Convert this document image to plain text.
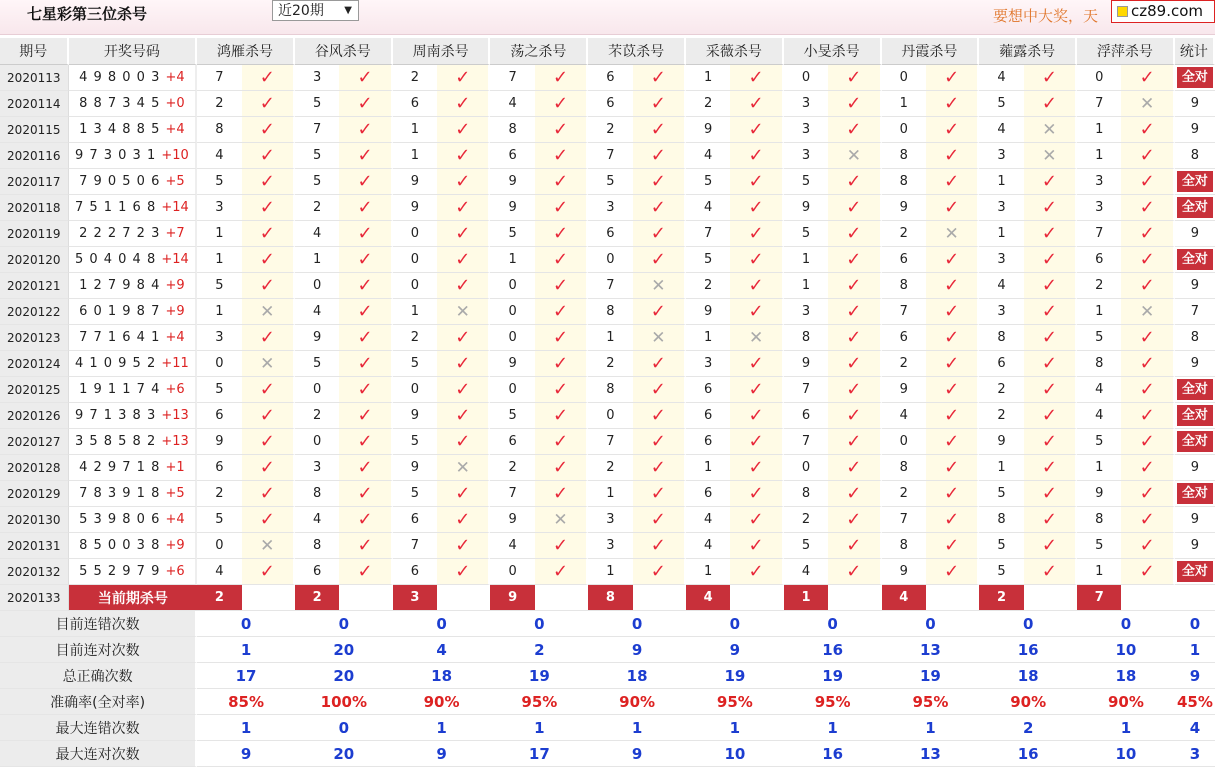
七星彩第三位杀号	近20期 ▼	要想中大奖，天	cz89.com
期号	开奖号码	鸿雁杀号		谷风杀号		周南杀号		荡之杀号		芣苡杀号		采薇杀号		小旻杀号		丹霞杀号		蕹露杀号		浮萍杀号		统计
2020113	4 9 8 0 0 3 +4	7	✓	3	✓	2	✓	7	✓	6	✓	1	✓	0	✓	0	✓	4	✓	0	✓	全对
2020114	8 8 7 3 4 5 +0	2	✓	5	✓	6	✓	4	✓	6	✓	2	✓	3	✓	1	✓	5	✓	7	✕	9
2020115	1 3 4 8 8 5 +4	8	✓	7	✓	1	✓	8	✓	2	✓	9	✓	3	✓	0	✓	4	✕	1	✓	9
2020116	9 7 3 0 3 1 +10	4	✓	5	✓	1	✓	6	✓	7	✓	4	✓	3	✕	8	✓	3	✕	1	✓	8
2020117	7 9 0 5 0 6 +5	5	✓	5	✓	9	✓	9	✓	5	✓	5	✓	5	✓	8	✓	1	✓	3	✓	全对
2020118	7 5 1 1 6 8 +14	3	✓	2	✓	9	✓	9	✓	3	✓	4	✓	9	✓	9	✓	3	✓	3	✓	全对
2020119	2 2 2 7 2 3 +7	1	✓	4	✓	0	✓	5	✓	6	✓	7	✓	5	✓	2	✕	1	✓	7	✓	9
2020120	5 0 4 0 4 8 +14	1	✓	1	✓	0	✓	1	✓	0	✓	5	✓	1	✓	6	✓	3	✓	6	✓	全对
2020121	1 2 7 9 8 4 +9	5	✓	0	✓	0	✓	0	✓	7	✕	2	✓	1	✓	8	✓	4	✓	2	✓	9
2020122	6 0 1 9 8 7 +9	1	✕	4	✓	1	✕	0	✓	8	✓	9	✓	3	✓	7	✓	3	✓	1	✕	7
2020123	7 7 1 6 4 1 +4	3	✓	9	✓	2	✓	0	✓	1	✕	1	✕	8	✓	6	✓	8	✓	5	✓	8
2020124	4 1 0 9 5 2 +11	0	✕	5	✓	5	✓	9	✓	2	✓	3	✓	9	✓	2	✓	6	✓	8	✓	9
2020125	1 9 1 1 7 4 +6	5	✓	0	✓	0	✓	0	✓	8	✓	6	✓	7	✓	9	✓	2	✓	4	✓	全对
2020126	9 7 1 3 8 3 +13	6	✓	2	✓	9	✓	5	✓	0	✓	6	✓	6	✓	4	✓	2	✓	4	✓	全对
2020127	3 5 8 5 8 2 +13	9	✓	0	✓	5	✓	6	✓	7	✓	6	✓	7	✓	0	✓	9	✓	5	✓	全对
2020128	4 2 9 7 1 8 +1	6	✓	3	✓	9	✕	2	✓	2	✓	1	✓	0	✓	8	✓	1	✓	1	✓	9
2020129	7 8 3 9 1 8 +5	2	✓	8	✓	5	✓	7	✓	1	✓	6	✓	8	✓	2	✓	5	✓	9	✓	全对
2020130	5 3 9 8 0 6 +4	5	✓	4	✓	6	✓	9	✕	3	✓	4	✓	2	✓	7	✓	8	✓	8	✓	9
2020131	8 5 0 0 3 8 +9	0	✕	8	✓	7	✓	4	✓	3	✓	4	✓	5	✓	8	✓	5	✓	5	✓	9
2020132	5 5 2 9 7 9 +6	4	✓	6	✓	6	✓	0	✓	1	✓	1	✓	4	✓	9	✓	5	✓	1	✓	全对
2020133	当前期杀号	2		2		3		9		8		4		1		4		2		7		
目前连错次数		0		0		0		0		0		0		0		0		0		0		0
目前连对次数		1		20		4		2		9		9		16		13		16		10		1
总正确次数		17		20		18		19		18		19		19		19		18		18		9
准确率(全对率)		85%		100%		90%		95%		90%		95%		95%		95%		90%		90%		45%
最大连错次数		1		0		1		1		1		1		1		1		2		1		4
最大连对次数		9		20		9		17		9		10		16		13		16		10		3
